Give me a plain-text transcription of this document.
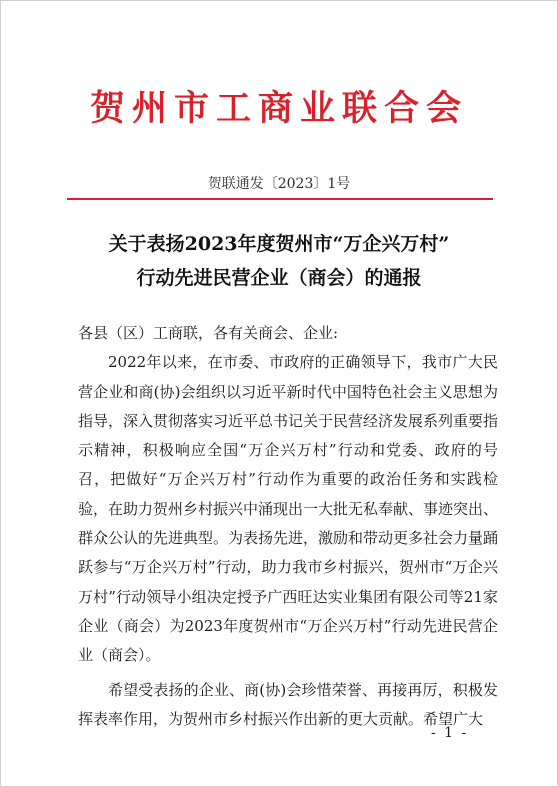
贺州市工商业联合会
贺联通发〔2023〕1号
关于表扬2023年度贺州市“万企兴万村”
行动先进民营企业（商会）的通报

各县（区）工商联，各有关商会、企业:

2022年以来，在市委、市政府的正确领导下，我市广大民营企业和商(协)会组织以习近平新时代中国特色社会主义思想为指导，深入贯彻落实习近平总书记关于民营经济发展系列重要指示精神，积极响应全国“万企兴万村”行动和党委、政府的号召，把做好“万企兴万村”行动作为重要的政治任务和实践检验，在助力贺州乡村振兴中涌现出一大批无私奉献、事迹突出、群众公认的先进典型。为表扬先进，激励和带动更多社会力量踊跃参与“万企兴万村”行动，助力我市乡村振兴，贺州市“万企兴万村”行动领导小组决定授予广西旺达实业集团有限公司等21家企业（商会）为2023年度贺州市“万企兴万村”行动先进民营企业（商会）。

希望受表扬的企业、商(协)会珍惜荣誉、再接再厉，积极发挥表率作用，为贺州市乡村振兴作出新的更大贡献。希望广大

- 1 -
